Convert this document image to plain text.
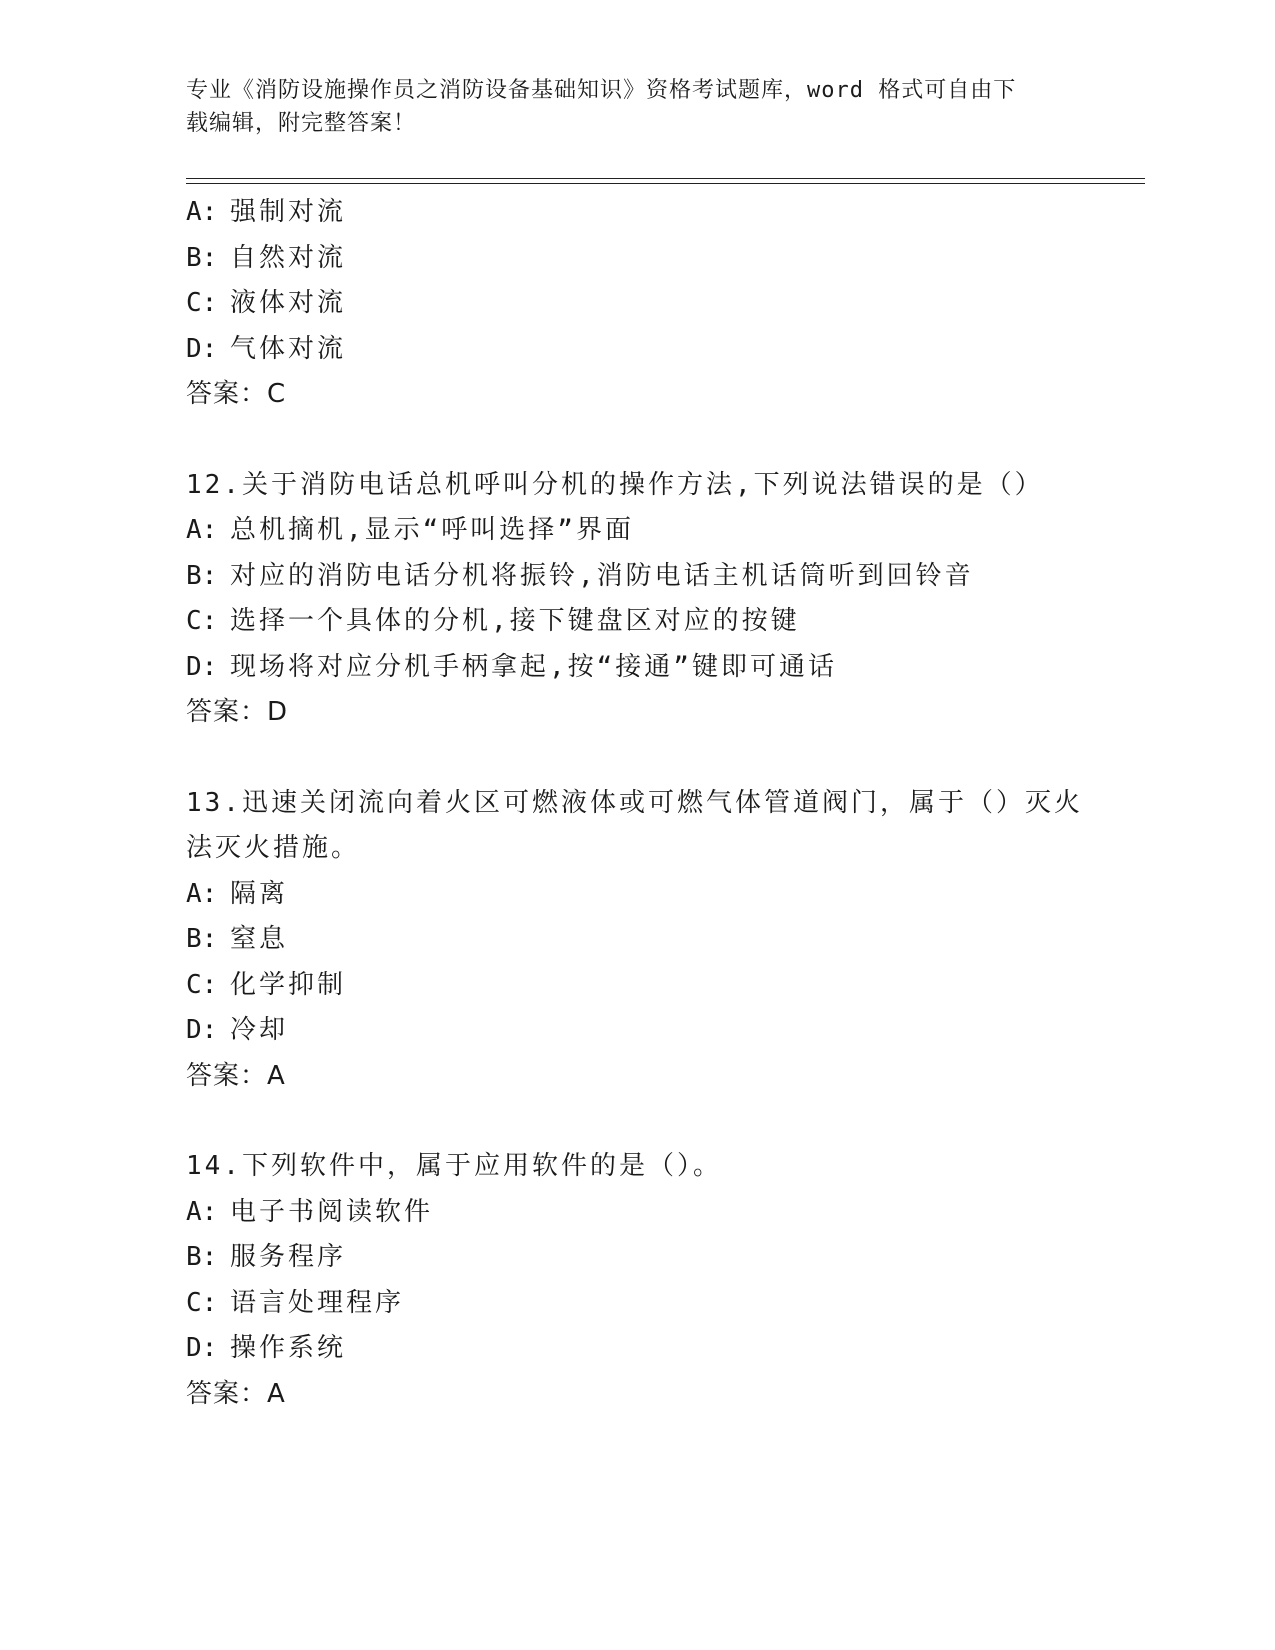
专业《消防设施操作员之消防设备基础知识》资格考试题库，word 格式可自由下
载编辑，附完整答案！
A: 强制对流
B: 自然对流
C: 液体对流
D: 气体对流
答案：C
12.关于消防电话总机呼叫分机的操作方法,下列说法错误的是（）
A: 总机摘机,显示“呼叫选择”界面
B: 对应的消防电话分机将振铃,消防电话主机话筒听到回铃音
C: 选择一个具体的分机,接下键盘区对应的按键
D: 现场将对应分机手柄拿起,按“接通”键即可通话
答案：D
13.迅速关闭流向着火区可燃液体或可燃气体管道阀门，属于（）灭火
法灭火措施。
A: 隔离
B: 窒息
C: 化学抑制
D: 冷却
答案：A
14.下列软件中，属于应用软件的是（）。
A: 电子书阅读软件
B: 服务程序
C: 语言处理程序
D: 操作系统
答案：A
